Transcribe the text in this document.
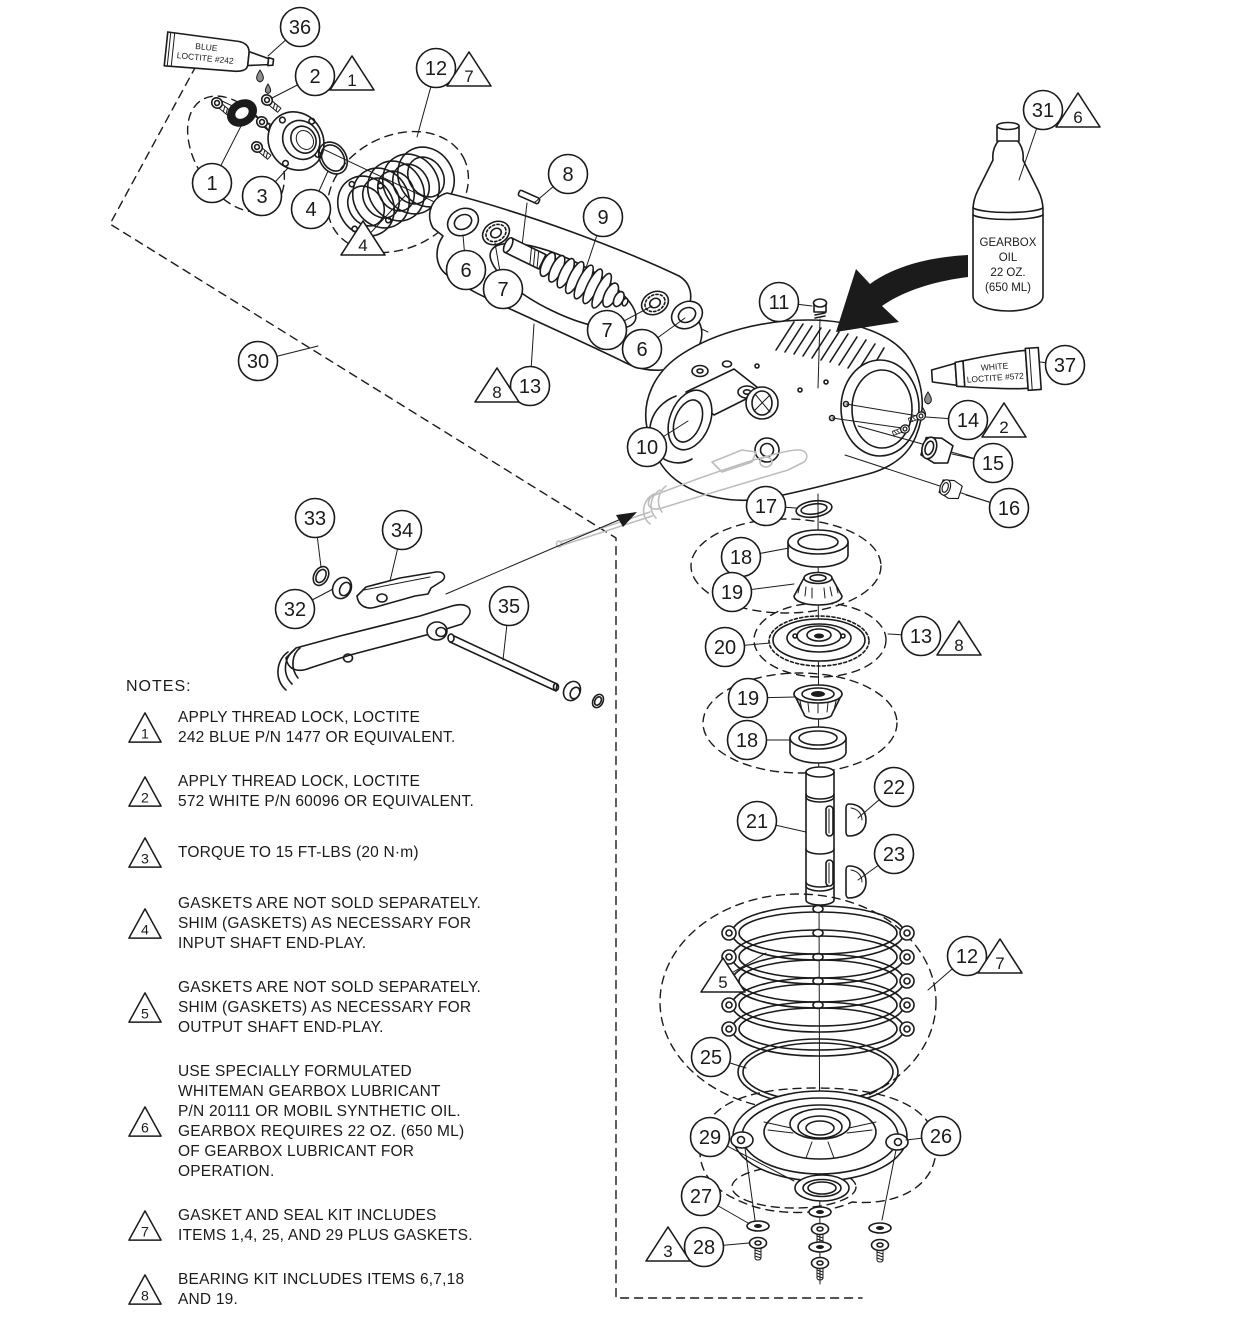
BLUE
LOCTITE #242
GEARBOX
OIL
22 OZ.
(650 ML)
WHITE
LOCTITE #572
36
2	12
1
3
4
8
9
6
7
7
6
13
30
31
37
11
10
14
15
16
17
18
19
20	13
19
18
21
22
23
12
25
29	26
27
28
33
34
32	35
1	7
4
8
6
2
8
5
7
3
NOTES:
1
APPLY THREAD LOCK, LOCTITE
242 BLUE P/N 1477 OR EQUIVALENT.
2
APPLY THREAD LOCK, LOCTITE
572 WHITE P/N 60096 OR EQUIVALENT.
3 TORQUE TO 15 FT-LBS (20 N·m)
4
GASKETS ARE NOT SOLD SEPARATELY.
SHIM (GASKETS) AS NECESSARY FOR
INPUT SHAFT END-PLAY.
5
GASKETS ARE NOT SOLD SEPARATELY.
SHIM (GASKETS) AS NECESSARY FOR
OUTPUT SHAFT END-PLAY.
6
USE SPECIALLY FORMULATED
WHITEMAN GEARBOX LUBRICANT
P/N 20111 OR MOBIL SYNTHETIC OIL.
GEARBOX REQUIRES 22 OZ. (650 ML)
OF GEARBOX LUBRICANT FOR
OPERATION.
7
GASKET AND SEAL KIT INCLUDES
ITEMS 1,4, 25, AND 29 PLUS GASKETS.
8
BEARING KIT INCLUDES ITEMS 6,7,18
AND 19.
